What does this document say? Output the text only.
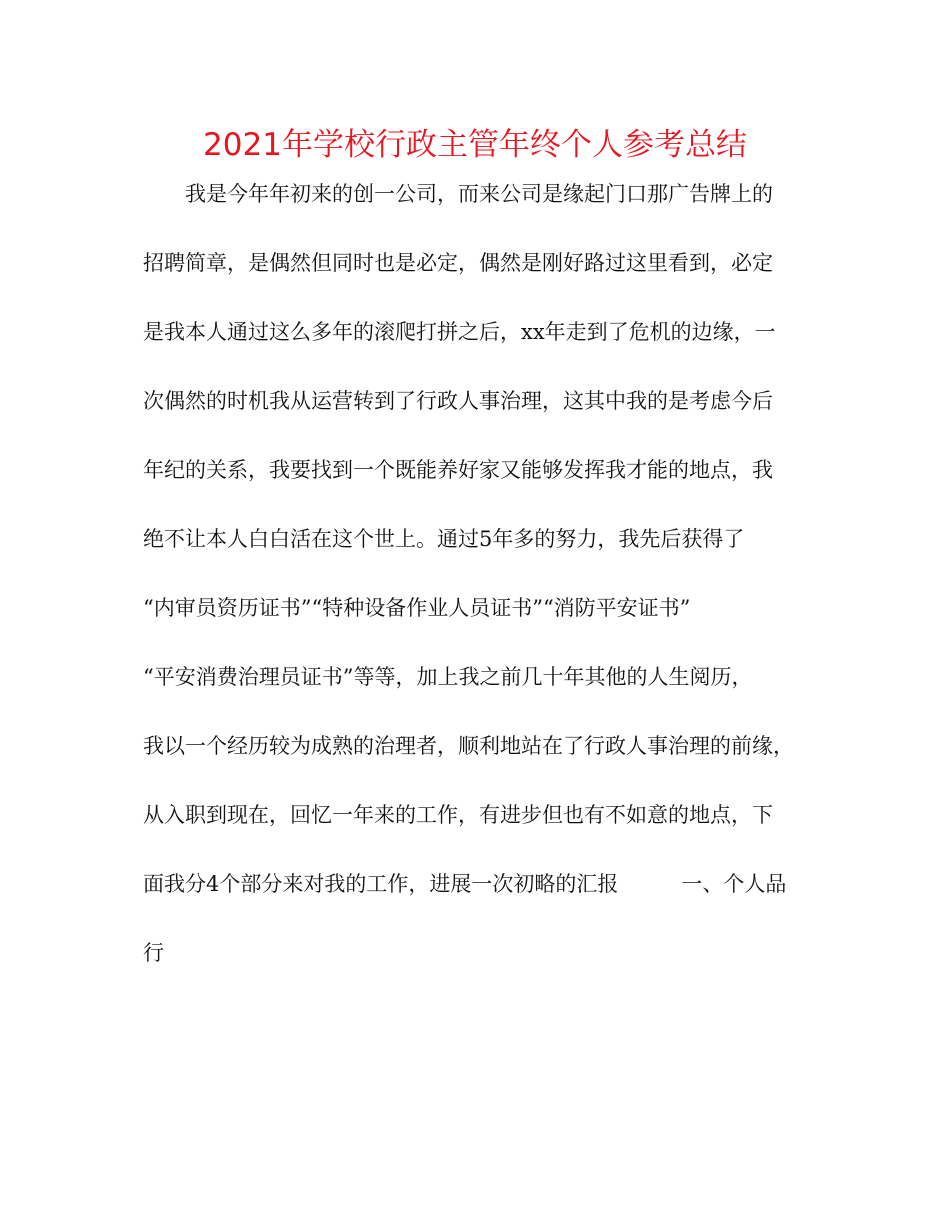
2021年学校行政主管年终个人参考总结
　　我是今年年初来的创一公司，而来公司是缘起门口那广告牌上的
招聘简章，是偶然但同时也是必定，偶然是刚好路过这里看到，必定
是我本人通过这么多年的滚爬打拼之后，xx年走到了危机的边缘，一
次偶然的时机我从运营转到了行政人事治理，这其中我的是考虑今后
年纪的关系，我要找到一个既能养好家又能够发挥我才能的地点，我
绝不让本人白白活在这个世上。通过5年多的努力，我先后获得了
“内审员资历证书”“特种设备作业人员证书”“消防平安证书”
“平安消费治理员证书”等等，加上我之前几十年其他的人生阅历，
我以一个经历较为成熟的治理者，顺利地站在了行政人事治理的前缘，
从入职到现在，回忆一年来的工作，有进步但也有不如意的地点，下
面我分4个部分来对我的工作，进展一次初略的汇报　　　一、个人品
行
